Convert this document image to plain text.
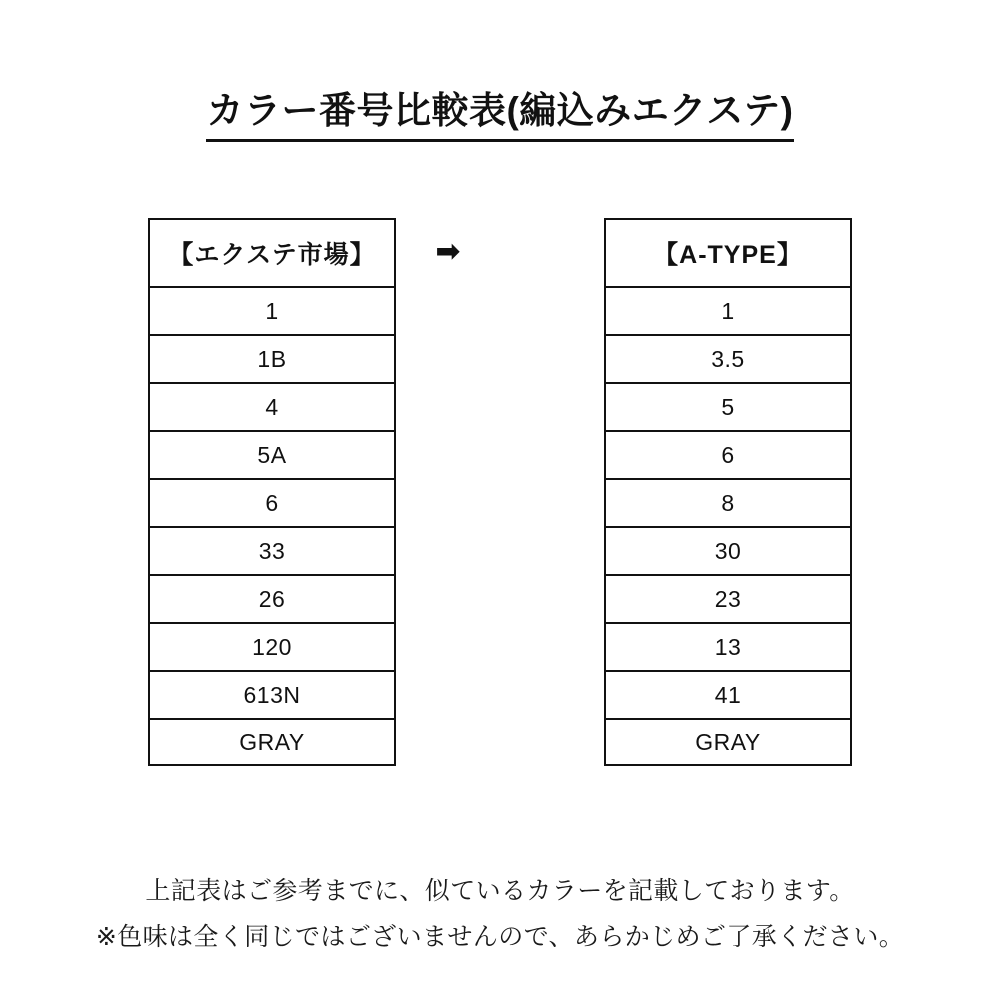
カラー番号比較表(編込みエクステ)
【エクステ市場】
1
1B
4
5A
6
33
26
120
613N
GRAY
➡	【A-TYPE】
1
3.5
5
6
8
30
23
13
41
GRAY
上記表はご参考までに、似ているカラーを記載しております。
※色味は全く同じではございませんので、あらかじめご了承ください。
